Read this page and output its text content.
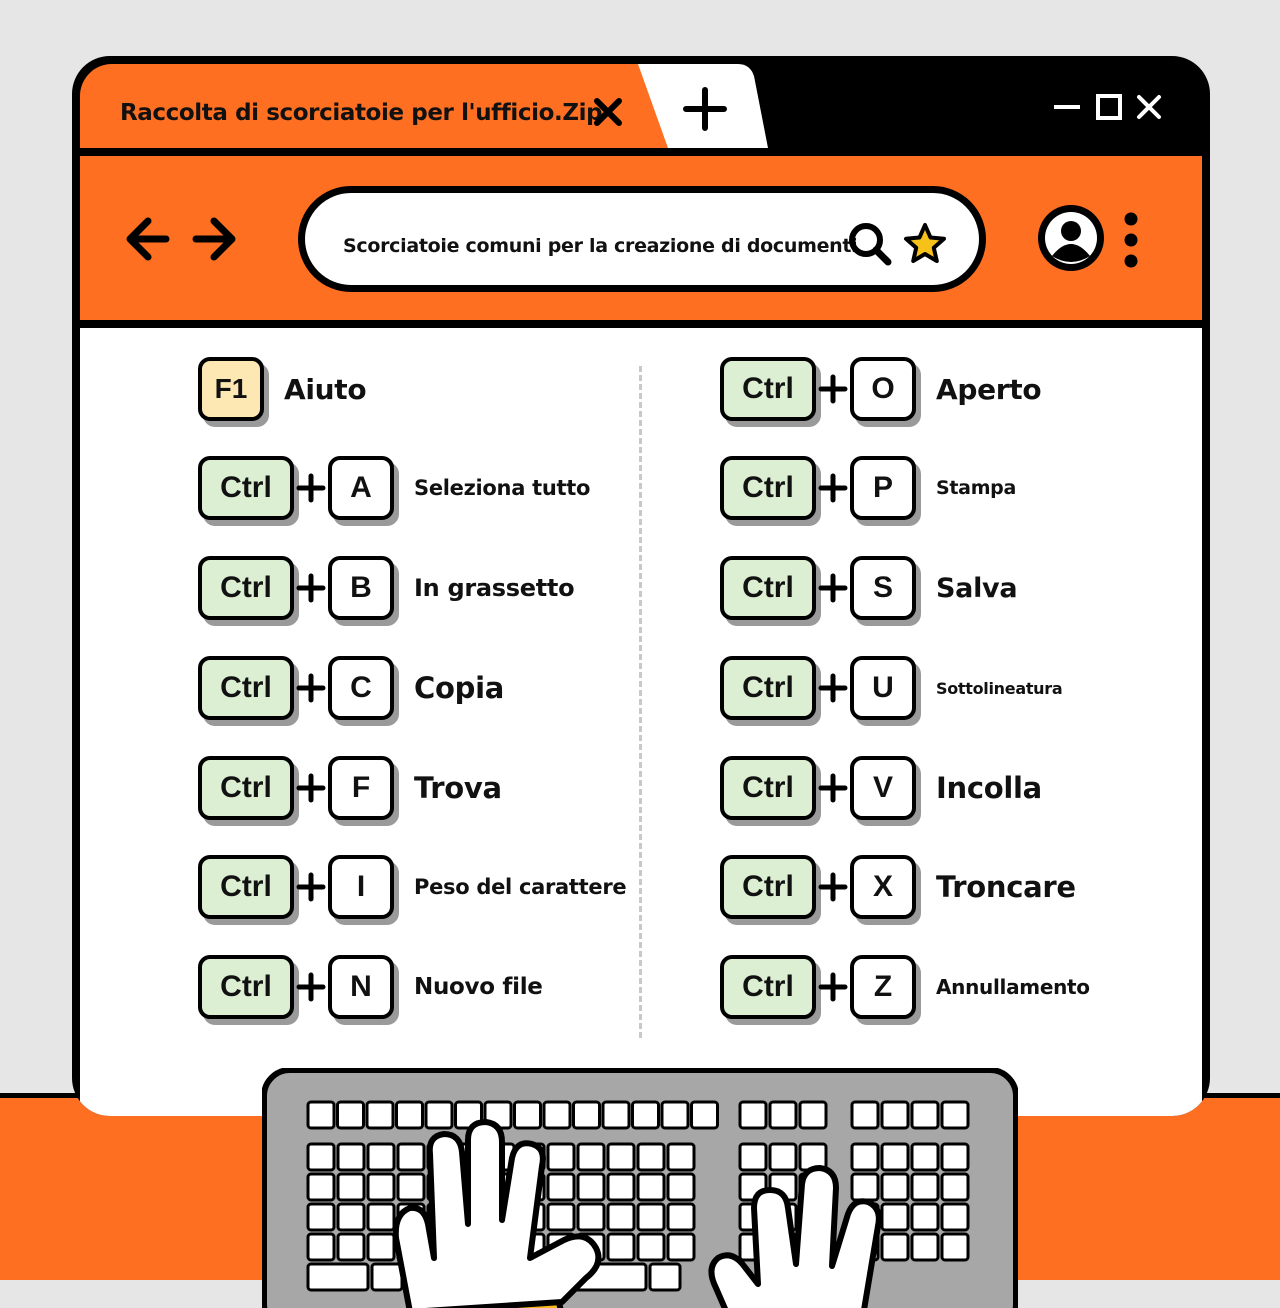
Raccolta di scorciatoie per l'ufficio.Zip
Scorciatoie comuni per la creazione di documenti
F1	Aiuto
Ctrl	A	Seleziona tutto
Ctrl	B	In grassetto
Ctrl	C	Copia
Ctrl	F	Trova
Ctrl	I	Peso del carattere
Ctrl	N	Nuovo file
Ctrl	O	Aperto
Ctrl	P	Stampa
Ctrl	S	Salva
Ctrl	U	Sottolineatura
Ctrl	V	Incolla
Ctrl	X	Troncare
Ctrl	Z	Annullamento
